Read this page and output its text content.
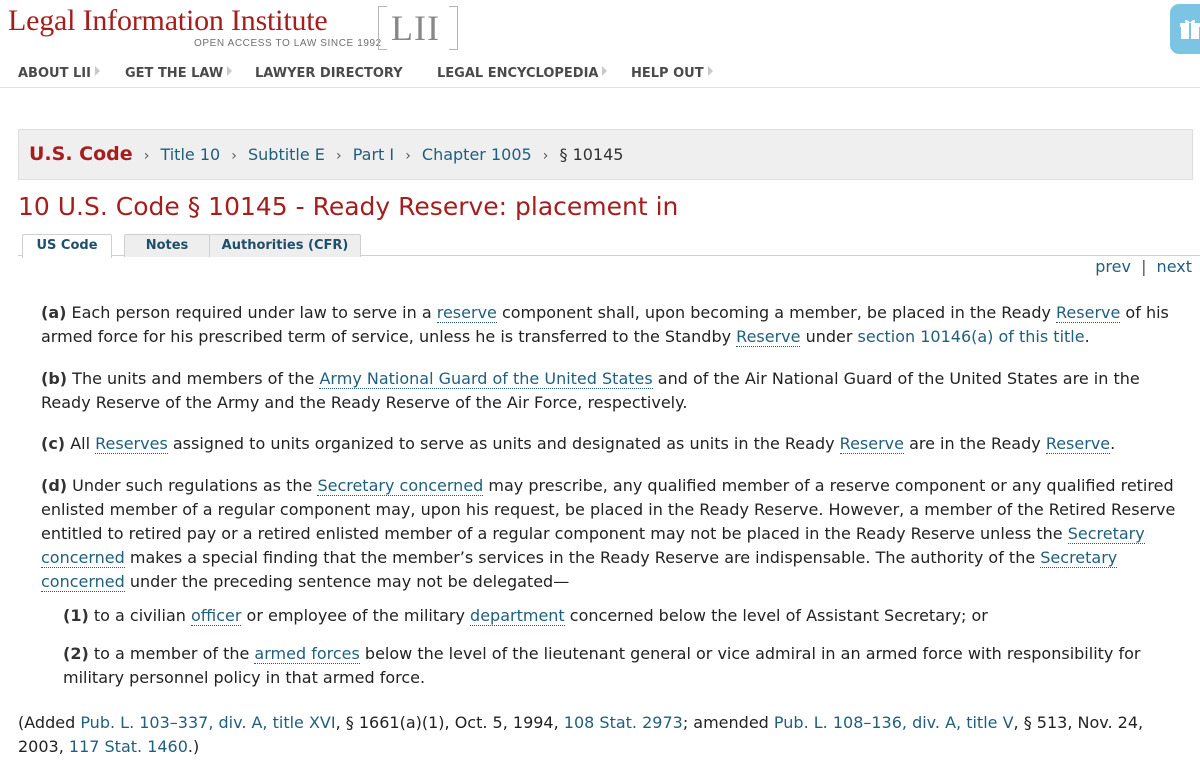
Legal Information Institute
OPEN ACCESS TO LAW SINCE 1992 LII
ABOUT LII	GET THE LAW	LAWYER DIRECTORY	LEGAL ENCYCLOPEDIA	HELP OUT
U.S. Code › Title 10 › Subtitle E › Part I › Chapter 1005 › § 10145
10 U.S. Code § 10145 - Ready Reserve: placement in
US Code	Notes	Authorities (CFR)
prev | next

(a) Each person required under law to serve in a reserve component shall, upon becoming a member, be placed in the Ready Reserve of his armed force for his prescribed term of service, unless he is transferred to the Standby Reserve under section 10146(a) of this title.

(b) The units and members of the Army National Guard of the United States and of the Air National Guard of the United States are in the Ready Reserve of the Army and the Ready Reserve of the Air Force, respectively.

(c) All Reserves assigned to units organized to serve as units and designated as units in the Ready Reserve are in the Ready Reserve.

(d) Under such regulations as the Secretary concerned may prescribe, any qualified member of a reserve component or any qualified retired enlisted member of a regular component may, upon his request, be placed in the Ready Reserve. However, a member of the Retired Reserve entitled to retired pay or a retired enlisted member of a regular component may not be placed in the Ready Reserve unless the Secretary concerned makes a special finding that the member’s services in the Ready Reserve are indispensable. The authority of the Secretary concerned under the preceding sentence may not be delegated—

(1) to a civilian officer or employee of the military department concerned below the level of Assistant Secretary; or

(2) to a member of the armed forces below the level of the lieutenant general or vice admiral in an armed force with responsibility for military personnel policy in that armed force.

(Added Pub. L. 103–337, div. A, title XVI, § 1661(a)(1), Oct. 5, 1994, 108 Stat. 2973; amended Pub. L. 108–136, div. A, title V, § 513, Nov. 24, 2003, 117 Stat. 1460.)
